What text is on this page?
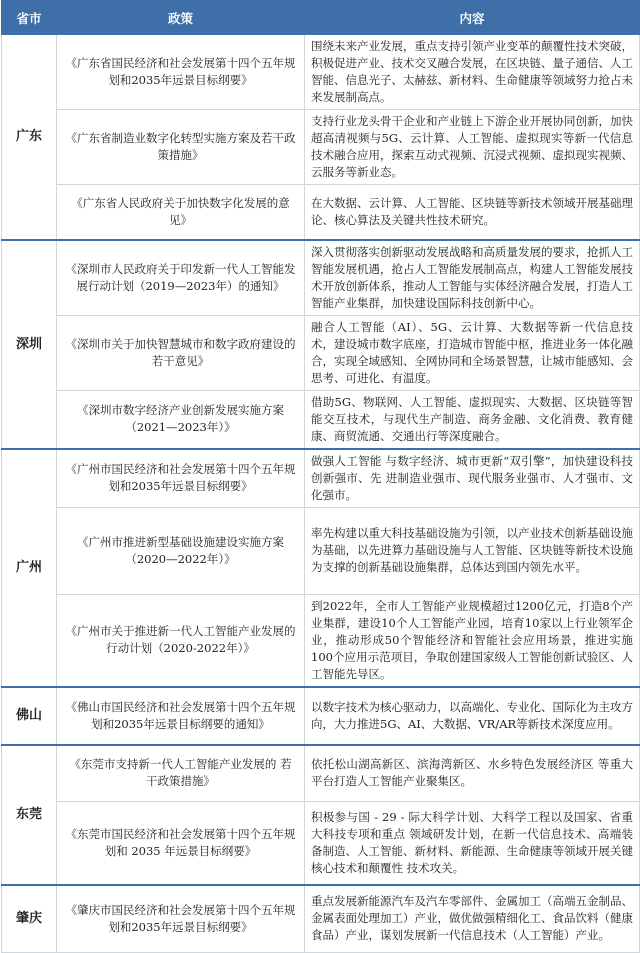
省市	政策	内容
广东	《广东省国民经济和社会发展第十四个五年规划和2035年远景目标纲要》	围绕未来产业发展，重点支持引领产业变革的颠覆性技术突破，积极促进产业、技术交叉融合发展，在区块链、量子通信、人工智能、信息光子、太赫兹、新材料、生命健康等领域努力抢占未来发展制高点。
	《广东省制造业数字化转型实施方案及若干政策措施》	支持行业龙头骨干企业和产业链上下游企业开展协同创新，加快超高清视频与5G、云计算、人工智能、虚拟现实等新一代信息技术融合应用，探索互动式视频、沉浸式视频、虚拟现实视频、云服务等新业态。
	《广东省人民政府关于加快数字化发展的意见》	在大数据、云计算、人工智能、区块链等新技术领域开展基础理论、核心算法及关键共性技术研究。
深圳	《深圳市人民政府关于印发新一代人工智能发展行动计划（2019—2023年）的通知》	深入贯彻落实创新驱动发展战略和高质量发展的要求，抢抓人工智能发展机遇，抢占人工智能发展制高点，构建人工智能发展技术开放创新体系，推动人工智能与实体经济融合发展，打造人工智能产业集群，加快建设国际科技创新中心。
	《深圳市关于加快智慧城市和数字政府建设的若干意见》	融合人工智能（AI）、5G、云计算、大数据等新一代信息技术，建设城市数字底座，打造城市智能中枢，推进业务一体化融合，实现全域感知、全网协同和全场景智慧，让城市能感知、会思考、可进化、有温度。
	《深圳市数字经济产业创新发展实施方案（2021—2023年）》	借助5G、物联网、人工智能、虚拟现实、大数据、区块链等智能交互技术，与现代生产制造、商务金融、文化消费、教育健康、商贸流通、交通出行等深度融合。
广州	《广州市国民经济和社会发展第十四个五年规划和2035年远景目标纲要》	做强人工智能 与数字经济、城市更新“双引擎”，加快建设科技创新强市、先 进制造业强市、现代服务业强市、人才强市、文化强市。
	《广州市推进新型基础设施建设实施方案（2020—2022年）》	率先构建以重大科技基础设施为引领，以产业技术创新基础设施为基础，以先进算力基础设施与人工智能、区块链等新技术设施为支撑的创新基础设施集群，总体达到国内领先水平。
	《广州市关于推进新一代人工智能产业发展的行动计划（2020-2022年）》	到2022年，全市人工智能产业规模超过1200亿元，打造8个产业集群，建设10个人工智能产业园，培育10家以上行业领军企业，推动形成50个智能经济和智能社会应用场景，推进实施100个应用示范项目，争取创建国家级人工智能创新试验区、人工智能先导区。
佛山	《佛山市国民经济和社会发展第十四个五年规划和2035年远景目标纲要的通知》	以数字技术为核心驱动力，以高端化、专业化、国际化为主攻方向，大力推进5G、AI、大数据、VR/AR等新技术深度应用。
东莞	《东莞市支持新一代人工智能产业发展的 若干政策措施》	依托松山湖高新区、滨海湾新区、水乡特色发展经济区 等重大平台打造人工智能产业聚集区。
	《东莞市国民经济和社会发展第十四个五年规划和 2035 年远景目标纲要》	积极参与国 - 29 - 际大科学计划、大科学工程以及国家、省重大科技专项和重点 领域研发计划，在新一代信息技术、高端装备制造、人工智能、新材料、新能源、生命健康等领域开展关键核心技术和颠覆性 技术攻关。
肇庆	《肇庆市国民经济和社会发展第十四个五年规划和2035年远景目标纲要》	重点发展新能源汽车及汽车零部件、金属加工（高端五金制品、金属表面处理加工）产业，做优做强精细化工、食品饮料（健康食品）产业，谋划发展新一代信息技术（人工智能）产业。
